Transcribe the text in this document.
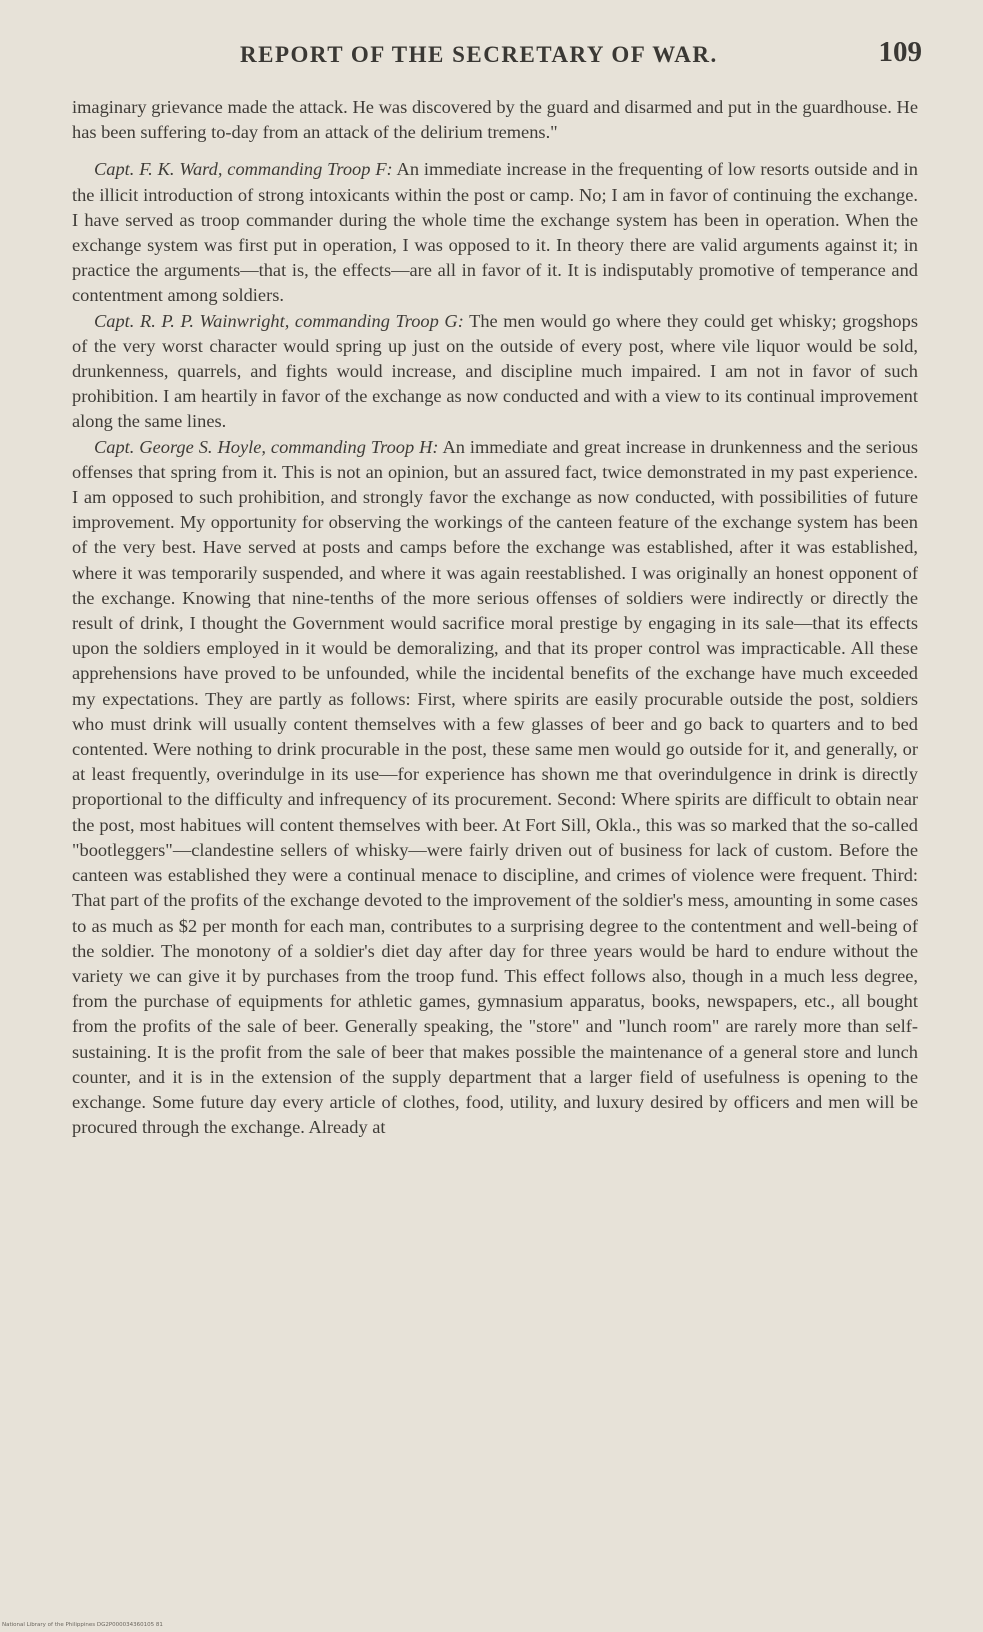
REPORT OF THE SECRETARY OF WAR.	109

imaginary grievance made the attack. He was discovered by the guard and disarmed and put in the guardhouse. He has been suffering to-day from an attack of the delirium tremens."

Capt. F. K. Ward, commanding Troop F: An immediate increase in the frequenting of low resorts outside and in the illicit introduction of strong intoxicants within the post or camp. No; I am in favor of continuing the exchange. I have served as troop commander during the whole time the exchange system has been in operation. When the exchange system was first put in operation, I was opposed to it. In theory there are valid arguments against it; in practice the arguments—that is, the effects—are all in favor of it. It is indisputably promotive of temperance and contentment among soldiers.

Capt. R. P. P. Wainwright, commanding Troop G: The men would go where they could get whisky; grogshops of the very worst character would spring up just on the outside of every post, where vile liquor would be sold, drunkenness, quarrels, and fights would increase, and discipline much impaired. I am not in favor of such prohibition. I am heartily in favor of the exchange as now conducted and with a view to its continual improvement along the same lines.

Capt. George S. Hoyle, commanding Troop H: An immediate and great increase in drunkenness and the serious offenses that spring from it. This is not an opinion, but an assured fact, twice demonstrated in my past experience. I am opposed to such prohibition, and strongly favor the exchange as now conducted, with possibilities of future improvement. My opportunity for observing the workings of the canteen feature of the exchange system has been of the very best. Have served at posts and camps before the exchange was established, after it was established, where it was temporarily suspended, and where it was again reestablished. I was originally an honest opponent of the exchange. Knowing that nine-tenths of the more serious offenses of soldiers were indirectly or directly the result of drink, I thought the Government would sacrifice moral prestige by engaging in its sale—that its effects upon the soldiers employed in it would be demoralizing, and that its proper control was impracticable. All these apprehensions have proved to be unfounded, while the incidental benefits of the exchange have much exceeded my expectations. They are partly as follows: First, where spirits are easily procurable outside the post, soldiers who must drink will usually content themselves with a few glasses of beer and go back to quarters and to bed contented. Were nothing to drink procurable in the post, these same men would go outside for it, and generally, or at least frequently, overindulge in its use—for experience has shown me that overindulgence in drink is directly proportional to the difficulty and infrequency of its procurement. Second: Where spirits are difficult to obtain near the post, most habitues will content themselves with beer. At Fort Sill, Okla., this was so marked that the so-called "bootleggers"—clandestine sellers of whisky—were fairly driven out of business for lack of custom. Before the canteen was established they were a continual menace to discipline, and crimes of violence were frequent. Third: That part of the profits of the exchange devoted to the improvement of the soldier's mess, amounting in some cases to as much as $2 per month for each man, contributes to a surprising degree to the contentment and well-being of the soldier. The monotony of a soldier's diet day after day for three years would be hard to endure without the variety we can give it by purchases from the troop fund. This effect follows also, though in a much less degree, from the purchase of equipments for athletic games, gymnasium apparatus, books, newspapers, etc., all bought from the profits of the sale of beer. Generally speaking, the "store" and "lunch room" are rarely more than self-sustaining. It is the profit from the sale of beer that makes possible the maintenance of a general store and lunch counter, and it is in the extension of the supply department that a larger field of usefulness is opening to the exchange. Some future day every article of clothes, food, utility, and luxury desired by officers and men will be procured through the exchange. Already at

National Library of the Philippines DG2P000034360105 81
